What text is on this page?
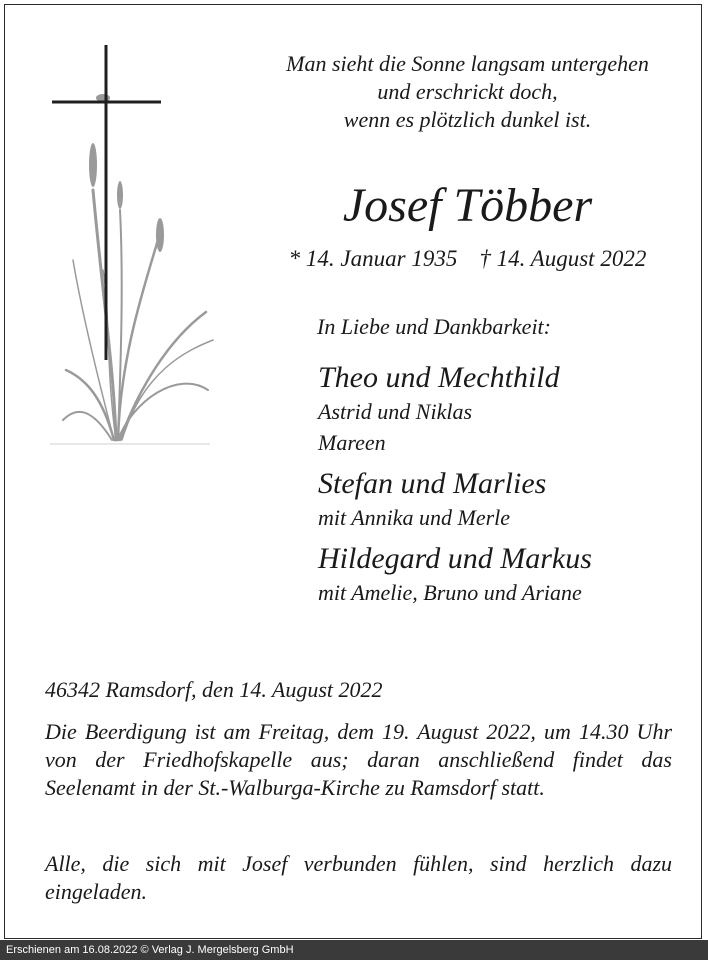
Man sieht die Sonne langsam untergehen
und erschrickt doch,
wenn es plötzlich dunkel ist.
Josef Többer
* 14. Januar 1935 † 14. August 2022
In Liebe und Dankbarkeit:
Theo und Mechthild
Astrid und Niklas
Mareen
Stefan und Marlies
mit Annika und Merle
Hildegard und Markus
mit Amelie, Bruno und Ariane
46342 Ramsdorf, den 14. August 2022
Die Beerdigung ist am Freitag, dem 19. August 2022, um 14.30 Uhr von der Friedhofskapelle aus; daran anschließend findet das Seelenamt in der St.-Walburga-Kirche zu Ramsdorf statt.
Alle, die sich mit Josef verbunden fühlen, sind herzlich dazu eingeladen.
Erschienen am 16.08.2022 © Verlag J. Mergelsberg GmbH
